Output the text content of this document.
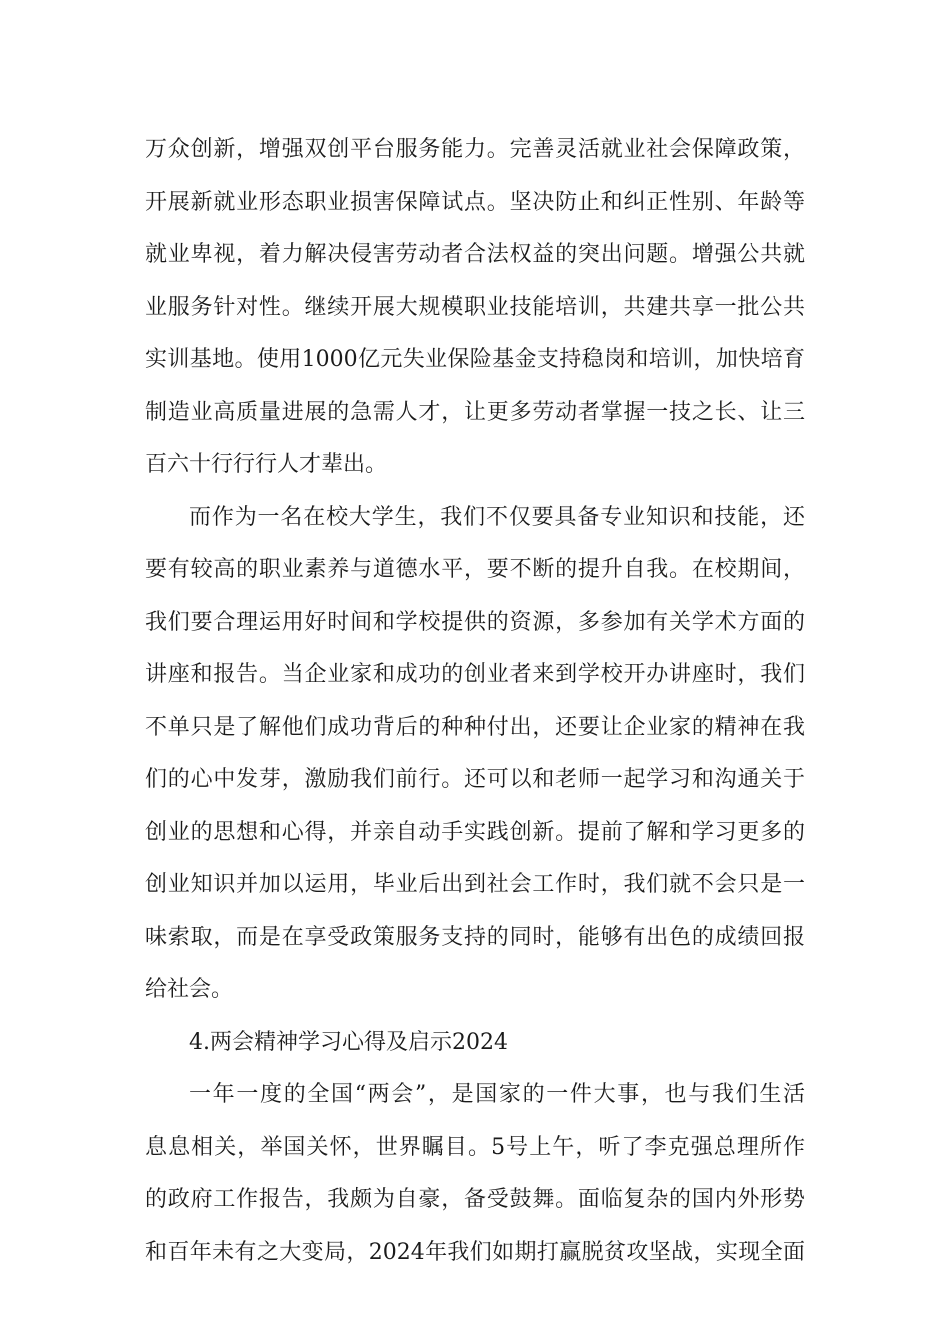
万众创新，增强双创平台服务能力。完善灵活就业社会保障政策，
开展新就业形态职业损害保障试点。坚决防止和纠正性别、年龄等
就业卑视，着力解决侵害劳动者合法权益的突出问题。增强公共就
业服务针对性。继续开展大规模职业技能培训，共建共享一批公共
实训基地。使用1000亿元失业保险基金支持稳岗和培训，加快培育
制造业高质量进展的急需人才，让更多劳动者掌握一技之长、让三
百六十行行行人才辈出。
而作为一名在校大学生，我们不仅要具备专业知识和技能，还
要有较高的职业素养与道德水平，要不断的提升自我。在校期间，
我们要合理运用好时间和学校提供的资源，多参加有关学术方面的
讲座和报告。当企业家和成功的创业者来到学校开办讲座时，我们
不单只是了解他们成功背后的种种付出，还要让企业家的精神在我
们的心中发芽，激励我们前行。还可以和老师一起学习和沟通关于
创业的思想和心得，并亲自动手实践创新。提前了解和学习更多的
创业知识并加以运用，毕业后出到社会工作时，我们就不会只是一
味索取，而是在享受政策服务支持的同时，能够有出色的成绩回报
给社会。
4.两会精神学习心得及启示2024
一年一度的全国“两会”，是国家的一件大事，也与我们生活
息息相关，举国关怀，世界瞩目。5号上午，听了李克强总理所作
的政府工作报告，我颇为自豪，备受鼓舞。面临复杂的国内外形势
和百年未有之大变局，2024年我们如期打赢脱贫攻坚战，实现全面
